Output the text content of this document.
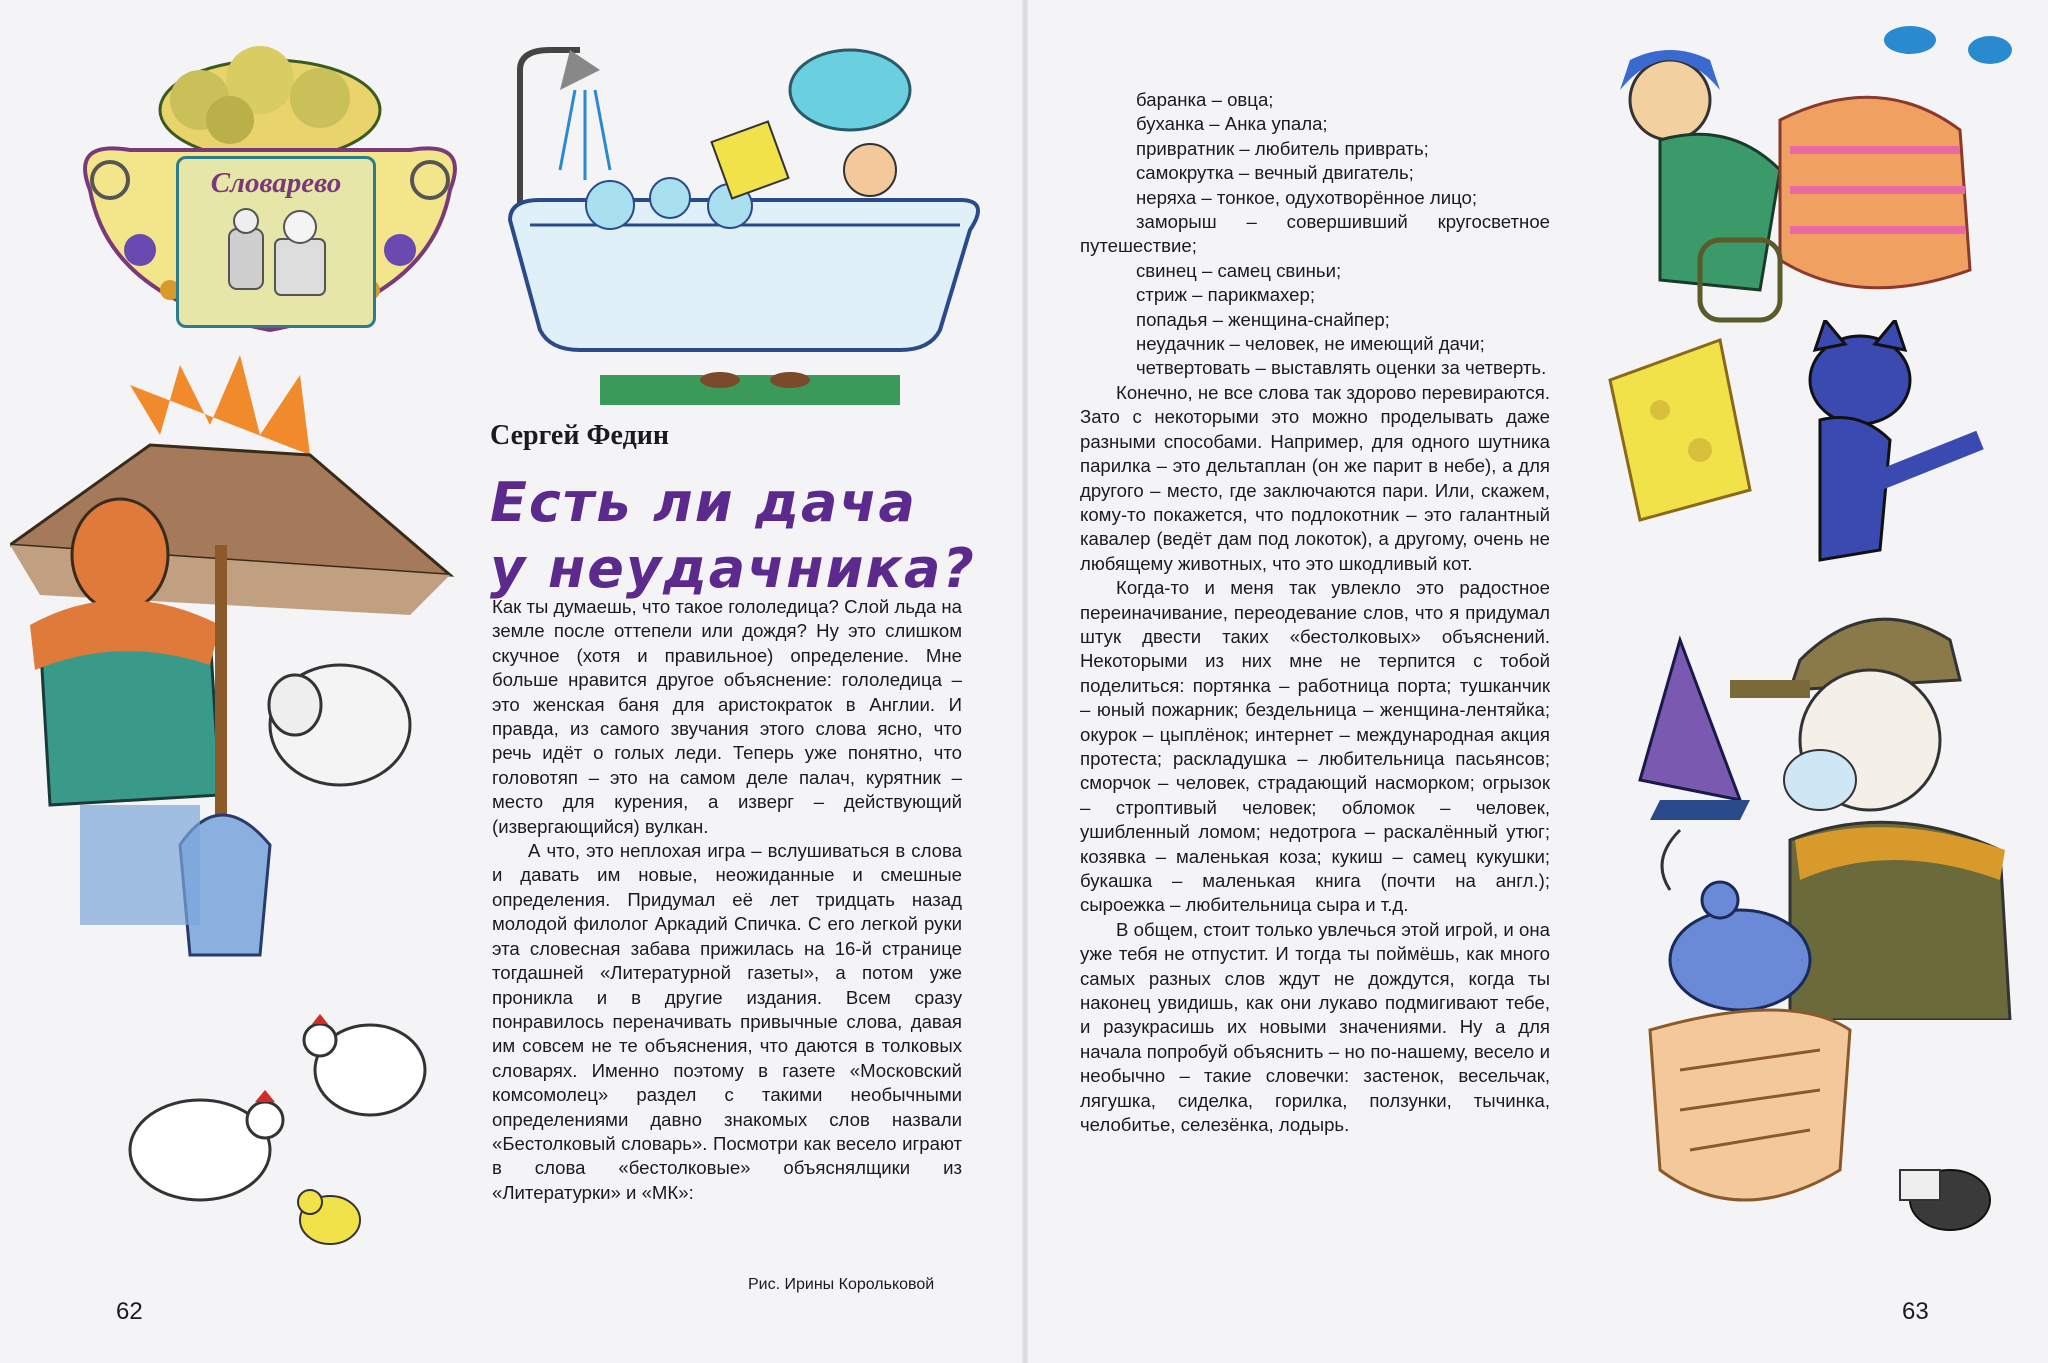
Словарево
Сергей Федин
Есть ли дача
у неудачника?

Как ты думаешь, что такое гололедица? Слой льда на земле после оттепели или дождя? Ну это слишком скучное (хотя и правильное) определение. Мне больше нравится другое объяснение: гололедица – это женская баня для аристократок в Англии. И правда, из самого звучания этого слова ясно, что речь идёт о голых леди. Теперь уже понятно, что головотяп – это на самом деле палач, курятник – место для курения, а изверг – действующий (извергающийся) вулкан.

А что, это неплохая игра – вслушиваться в слова и давать им новые, неожиданные и смешные определения. Придумал её лет тридцать назад молодой филолог Аркадий Спичка. С его легкой руки эта словесная забава прижилась на 16-й странице тогдашней «Литературной газеты», а потом уже проникла и в другие издания. Всем сразу понравилось переначивать привычные слова, давая им совсем не те объяснения, что даются в толковых словарях. Именно поэтому в газете «Московский комсомолец» раздел с такими необычными определениями давно знакомых слов назвали «Бестолковый словарь». Посмотри как весело играют в слова «бестолковые» объяснялщики из «Литературки» и «МК»:

Рис. Ирины Корольковой
62
баранка – овца;
буханка – Анка упала;
привратник – любитель приврать;
самокрутка – вечный двигатель;
неряха – тонкое, одухотворённое лицо;
заморыш – совершивший кругосветное путешествие;
свинец – самец свиньи;
стриж – парикмахер;
попадья – женщина-снайпер;
неудачник – человек, не имеющий дачи;
четвертовать – выставлять оценки за четверть.

Конечно, не все слова так здорово перевираются. Зато с некоторыми это можно проделывать даже разными способами. Например, для одного шутника парилка – это дельтаплан (он же парит в небе), а для другого – место, где заключаются пари. Или, скажем, кому-то покажется, что подлокотник – это галантный кавалер (ведёт дам под локоток), а другому, очень не любящему животных, что это шкодливый кот.

Когда-то и меня так увлекло это радостное переиначивание, переодевание слов, что я придумал штук двести таких «бестолковых» объяснений. Некоторыми из них мне не терпится с тобой поделиться: портянка – работница порта; тушканчик – юный пожарник; бездельница – женщина-лентяйка; окурок – цыплёнок; интернет – международная акция протеста; раскладушка – любительница пасьянсов; сморчок – человек, страдающий насморком; огрызок – строптивый человек; обломок – человек, ушибленный ломом; недотрога – раскалённый утюг; козявка – маленькая коза; кукиш – самец кукушки; букашка – маленькая книга (почти на англ.); сыроежка – любительница сыра и т.д.

В общем, стоит только увлечься этой игрой, и она уже тебя не отпустит. И тогда ты поймёшь, как много самых разных слов ждут не дождутся, когда ты наконец увидишь, как они лукаво подмигивают тебе, и разукрасишь их новыми значениями. Ну а для начала попробуй объяснить – но по-нашему, весело и необычно – такие словечки: застенок, весельчак, лягушка, сиделка, горилка, ползунки, тычинка, челобитье, селезёнка, лодырь.

63
